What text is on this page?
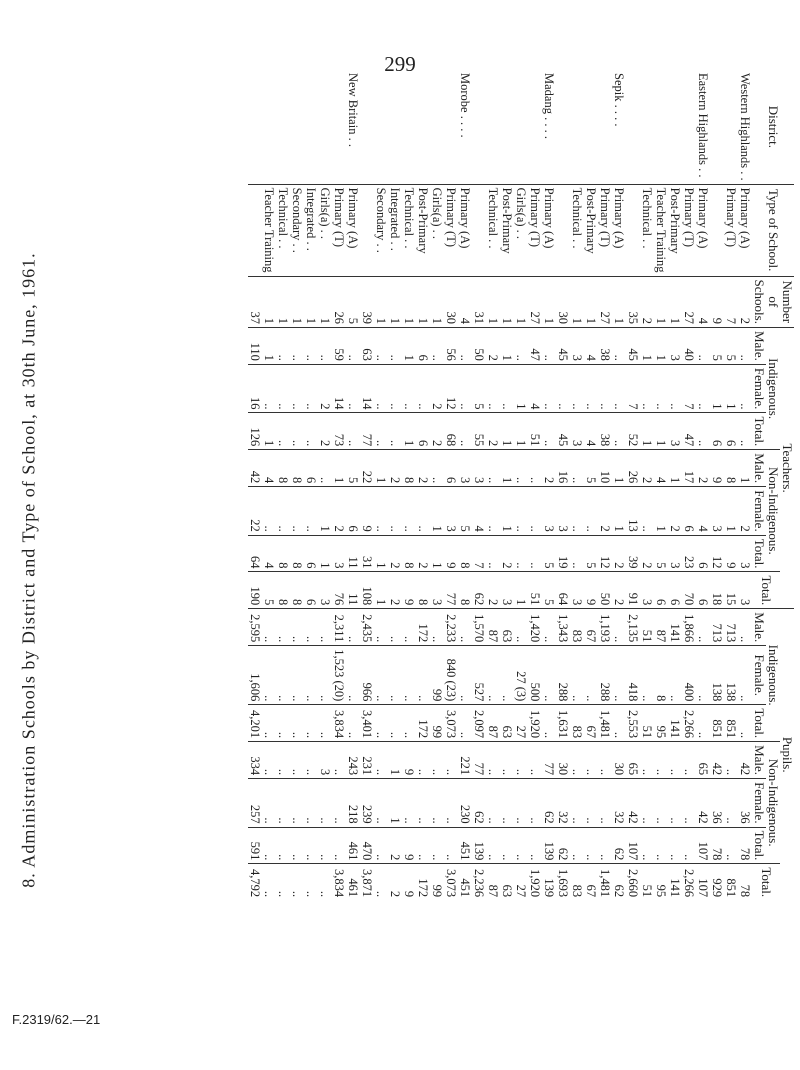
299
8. Administration Schools by District and Type of School, at 30th June, 1961.
District.	Type of School.	Number of Schools.	Teachers.							Pupils.						
			Indigenous.			Non-Indigenous.			Total.	Indigenous.			Non-Indigenous.			Total.
			Male.	Female.	Total.	Male.	Female.	Total.		Male.	Female.	Total.	Male.	Female.	Total.	
Western Highlands . .	Primary (A)	2	..	..	..	1	2	3	3	..	..	..	42	36	78	78
	Primary (T)	7	5	1	6	8	1	9	15	713	138	851	..	..	..	851
		9	5	1	6	9	3	12	18	713	138	851	42	36	78	929
Eastern Highlands . .	Primary (A)	4	..	..	..	2	4	6	6	..	..	..	65	42	107	107
	Primary (T)	27	40	7	47	17	6	23	70	1,866	400	2,266	..	..	..	2,266
	Post-Primary	1	3	..	3	1	2	3	6	141	..	141	..	..	..	141
	Teacher Training	1	1	..	1	4	1	5	6	87	8	95	..	..	..	95
	Technical . .	2	1	..	1	2	..	2	3	51	..	51	..	..	..	51
		35	45	7	52	26	13	39	91	2,135	418	2,553	65	42	107	2,660
Sepik . . . .	Primary (A)	1	..	..	..	1	1	2	2	..	..	..	30	32	62	62
	Primary (T)	27	38	..	38	10	2	12	50	1,193	288	1,481	..	..	..	1,481
	Post-Primary	1	4	..	4	5	..	5	9	67	..	67	..	..	..	67
	Technical . .	1	3	..	3	..	..	..	3	83	..	83	..	..	..	83
		30	45	..	45	16	3	19	64	1,343	288	1,631	30	32	62	1,693
Madang . . . .	Primary (A)	1	..	..	..	2	3	5	5	..	..	..	77	62	139	139
	Primary (T)	27	47	4	51	..	..	..	51	1,420	500	1,920	..	..	..	1,920
	Girls(a) . .	1	..	1	1	..	..	..	1	..	27 (3)	27	..	..	..	27
	Post-Primary	1	1	..	1	1	1	2	3	63	..	63	..	..	..	63
	Technical . .	1	2	..	2	..	..	..	2	87	..	87	..	..	..	87
		31	50	5	55	3	4	7	62	1,570	527	2,097	77	62	139	2,236
Morobe . . . .	Primary (A)	4	..	..	..	3	5	8	8	..	..	..	221	230	451	451
	Primary (T)	30	56	12	68	6	3	9	77	2,233	840 (23)	3,073	..	..	..	3,073
	Girls(a) . .	1	..	2	2	..	1	1	3	..	99	99	..	..	..	99
	Post-Primary	1	6	..	6	2	..	2	8	172	..	172	..	..	..	172
	Technical . .	1	1	..	1	8	..	8	9	..	..	..	9	..	9	9
	Integrated . .	1	..	..	..	2	..	2	2	..	..	..	1	1	2	2
	Secondary . .	1	..	..	..	1	..	1	1	..	..	..	..	..	..	..
		39	63	14	77	22	9	31	108	2,435	966	3,401	231	239	470	3,871
New Britain . .	Primary (A)	5	..	..	..	5	6	11	11	..	..	..	243	218	461	461
	Primary (T)	26	59	14	73	1	2	3	76	2,311	1,523 (20)	3,834	..	..	..	3,834
	Girls(a) . .	1	..	2	2	..	1	1	3	..	..	..	3	..	..	..
	Integrated . .	1	..	..	..	6	..	6	6	..	..	..	..	..	..	..
	Secondary . .	1	..	..	..	8	..	8	8	..	..	..	..	..	..	..
	Technical . .	1	..	..	..	8	..	8	8	..	..	..	..	..	..	..
	Teacher Training	1	1	..	1	4	..	4	5	..	..	..	..	..	..	..
		37	110	16	126	42	22	64	190	2,595	1,606	4,201	334	257	591	4,792
F.2319/62.—21
